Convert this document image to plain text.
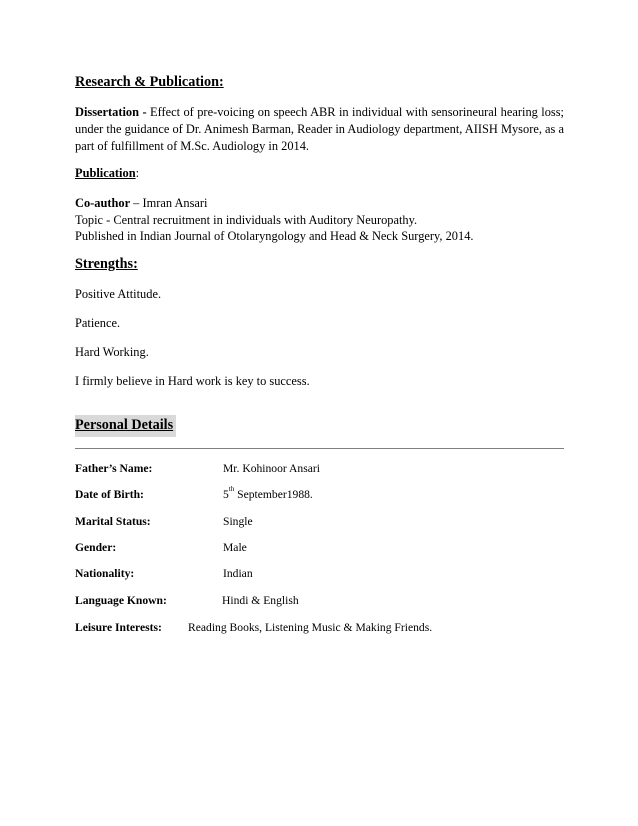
Research & Publication:
Dissertation - Effect of pre-voicing on speech ABR in individual with sensorineural hearing loss; under the guidance of Dr. Animesh Barman, Reader in Audiology department, AIISH Mysore, as a part of fulfillment of M.Sc. Audiology in 2014.
Publication:
Co-author – Imran Ansari
Topic - Central recruitment in individuals with Auditory Neuropathy.
Published in Indian Journal of Otolaryngology and Head & Neck Surgery, 2014.
Strengths:
Positive Attitude.
Patience.
Hard Working.
I firmly believe in Hard work is key to success.
Personal Details
Father’s Name:	Mr. Kohinoor Ansari
Date of Birth:	5th September1988.
Marital Status:	Single
Gender:	Male
Nationality:	Indian
Language Known:	Hindi & English
Leisure Interests: Reading Books, Listening Music & Making Friends.
